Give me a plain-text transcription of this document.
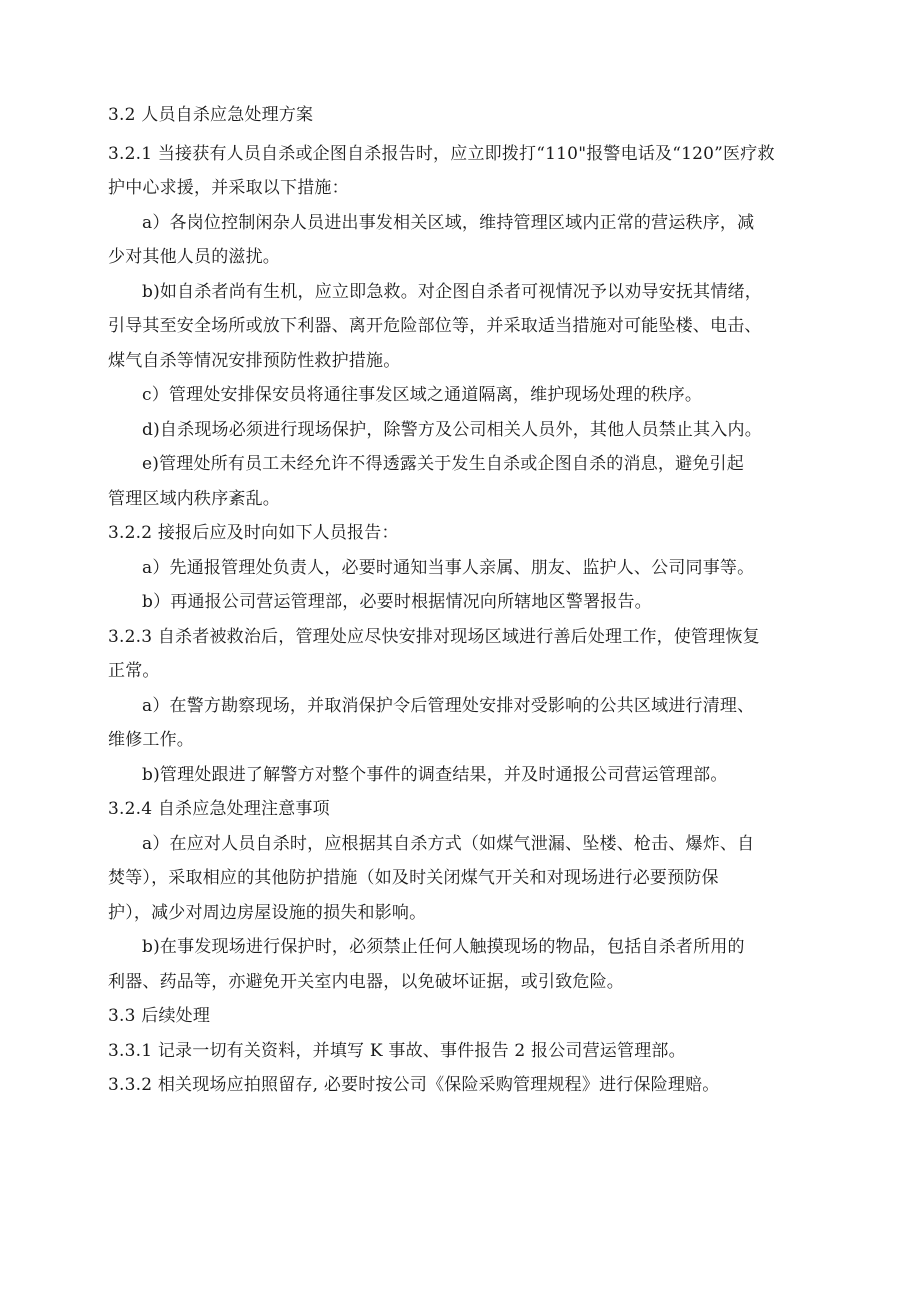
3.2 人员自杀应急处理方案
3.2.1 当接获有人员自杀或企图自杀报告时，应立即拨打“110"报警电话及“120”医疗救
护中心求援，并采取以下措施：
a）各岗位控制闲杂人员进出事发相关区域，维持管理区域内正常的营运秩序，减
少对其他人员的滋扰。
b)如自杀者尚有生机，应立即急救。对企图自杀者可视情况予以劝导安抚其情绪，
引导其至安全场所或放下利器、离开危险部位等，并采取适当措施对可能坠楼、电击、
煤气自杀等情况安排预防性救护措施。
c）管理处安排保安员将通往事发区域之通道隔离，维护现场处理的秩序。
d)自杀现场必须进行现场保护，除警方及公司相关人员外，其他人员禁止其入内。
e)管理处所有员工未经允许不得透露关于发生自杀或企图自杀的消息，避免引起
管理区域内秩序紊乱。
3.2.2 接报后应及时向如下人员报告：
a）先通报管理处负责人，必要时通知当事人亲属、朋友、监护人、公司同事等。
b）再通报公司营运管理部，必要时根据情况向所辖地区警署报告。
3.2.3 自杀者被救治后，管理处应尽快安排对现场区域进行善后处理工作，使管理恢复
正常。
a）在警方勘察现场，并取消保护令后管理处安排对受影响的公共区域进行清理、
维修工作。
b)管理处跟进了解警方对整个事件的调查结果，并及时通报公司营运管理部。
3.2.4 自杀应急处理注意事项
a）在应对人员自杀时，应根据其自杀方式（如煤气泄漏、坠楼、枪击、爆炸、自
焚等），采取相应的其他防护措施（如及时关闭煤气开关和对现场进行必要预防保
护），减少对周边房屋设施的损失和影响。
b)在事发现场进行保护时，必须禁止任何人触摸现场的物品，包括自杀者所用的
利器、药品等，亦避免开关室内电器，以免破坏证据，或引致危险。
3.3 后续处理
3.3.1 记录一切有关资料，并填写 K 事故、事件报告 2 报公司营运管理部。
3.3.2 相关现场应拍照留存, 必要时按公司《保险采购管理规程》进行保险理赔。
